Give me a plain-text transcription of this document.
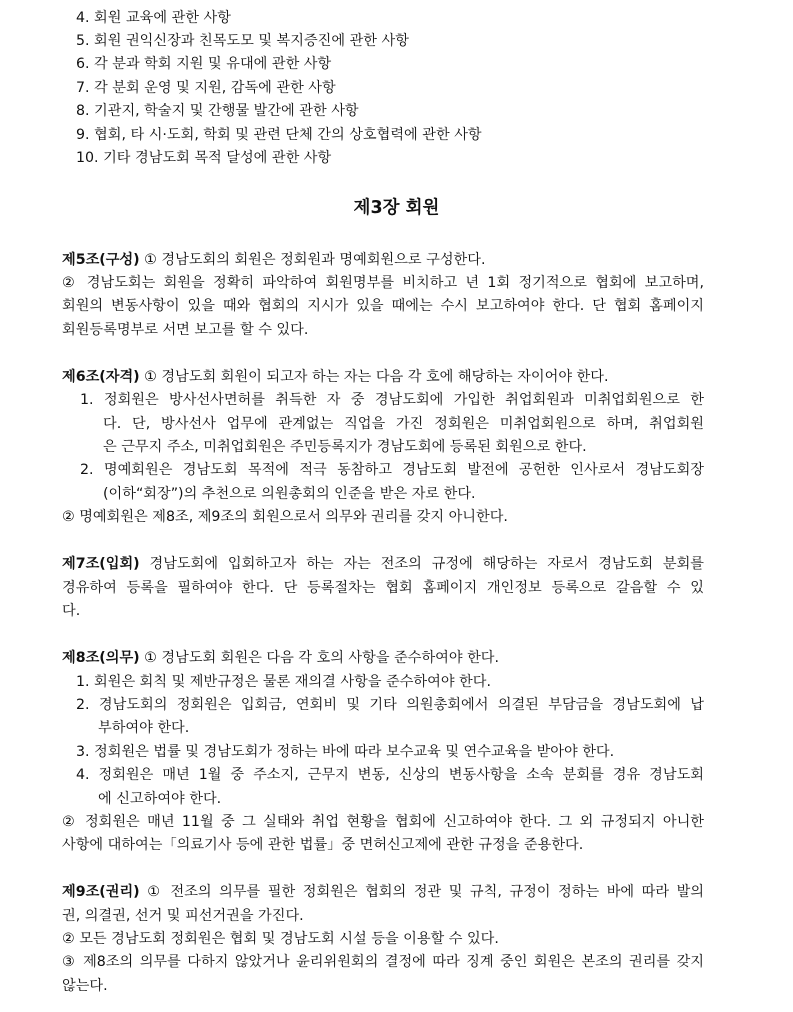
4. 회원 교육에 관한 사항
5. 회원 권익신장과 친목도모 및 복지증진에 관한 사항
6. 각 분과 학회 지원 및 유대에 관한 사항
7. 각 분회 운영 및 지원, 감독에 관한 사항
8. 기관지, 학술지 및 간행물 발간에 관한 사항
9. 협회, 타 시·도회, 학회 및 관련 단체 간의 상호협력에 관한 사항
10. 기타 경남도회 목적 달성에 관한 사항
제3장 회원
제5조(구성) ① 경남도회의 회원은 정회원과 명예회원으로 구성한다.
② 경남도회는 회원을 정확히 파악하여 회원명부를 비치하고 년 1회 정기적으로 협회에 보고하며,
회원의 변동사항이 있을 때와 협회의 지시가 있을 때에는 수시 보고하여야 한다. 단 협회 홈페이지
회원등록명부로 서면 보고를 할 수 있다.
제6조(자격) ① 경남도회 회원이 되고자 하는 자는 다음 각 호에 해당하는 자이어야 한다.
1. 정회원은 방사선사면허를 취득한 자 중 경남도회에 가입한 취업회원과 미취업회원으로 한
다. 단, 방사선사 업무에 관계없는 직업을 가진 정회원은 미취업회원으로 하며, 취업회원
은 근무지 주소, 미취업회원은 주민등록지가 경남도회에 등록된 회원으로 한다.
2. 명예회원은 경남도회 목적에 적극 동참하고 경남도회 발전에 공헌한 인사로서 경남도회장
(이하“회장”)의 추천으로 의원총회의 인준을 받은 자로 한다.
② 명예회원은 제8조, 제9조의 회원으로서 의무와 권리를 갖지 아니한다.
제7조(입회) 경남도회에 입회하고자 하는 자는 전조의 규정에 해당하는 자로서 경남도회 분회를
경유하여 등록을 필하여야 한다. 단 등록절차는 협회 홈페이지 개인정보 등록으로 갈음할 수 있
다.
제8조(의무) ① 경남도회 회원은 다음 각 호의 사항을 준수하여야 한다.
1. 회원은 회칙 및 제반규정은 물론 재의결 사항을 준수하여야 한다.
2. 경남도회의 정회원은 입회금, 연회비 및 기타 의원총회에서 의결된 부담금을 경남도회에 납
부하여야 한다.
3. 정회원은 법률 및 경남도회가 정하는 바에 따라 보수교육 및 연수교육을 받아야 한다.
4. 정회원은 매년 1월 중 주소지, 근무지 변동, 신상의 변동사항을 소속 분회를 경유 경남도회
에 신고하여야 한다.
② 정회원은 매년 11월 중 그 실태와 취업 현황을 협회에 신고하여야 한다. 그 외 규정되지 아니한
사항에 대하여는「의료기사 등에 관한 법률」중 면허신고제에 관한 규정을 준용한다.
제9조(권리) ① 전조의 의무를 필한 정회원은 협회의 정관 및 규칙, 규정이 정하는 바에 따라 발의
권, 의결권, 선거 및 피선거권을 가진다.
② 모든 경남도회 정회원은 협회 및 경남도회 시설 등을 이용할 수 있다.
③ 제8조의 의무를 다하지 않았거나 윤리위원회의 결정에 따라 징계 중인 회원은 본조의 권리를 갖지
않는다.
